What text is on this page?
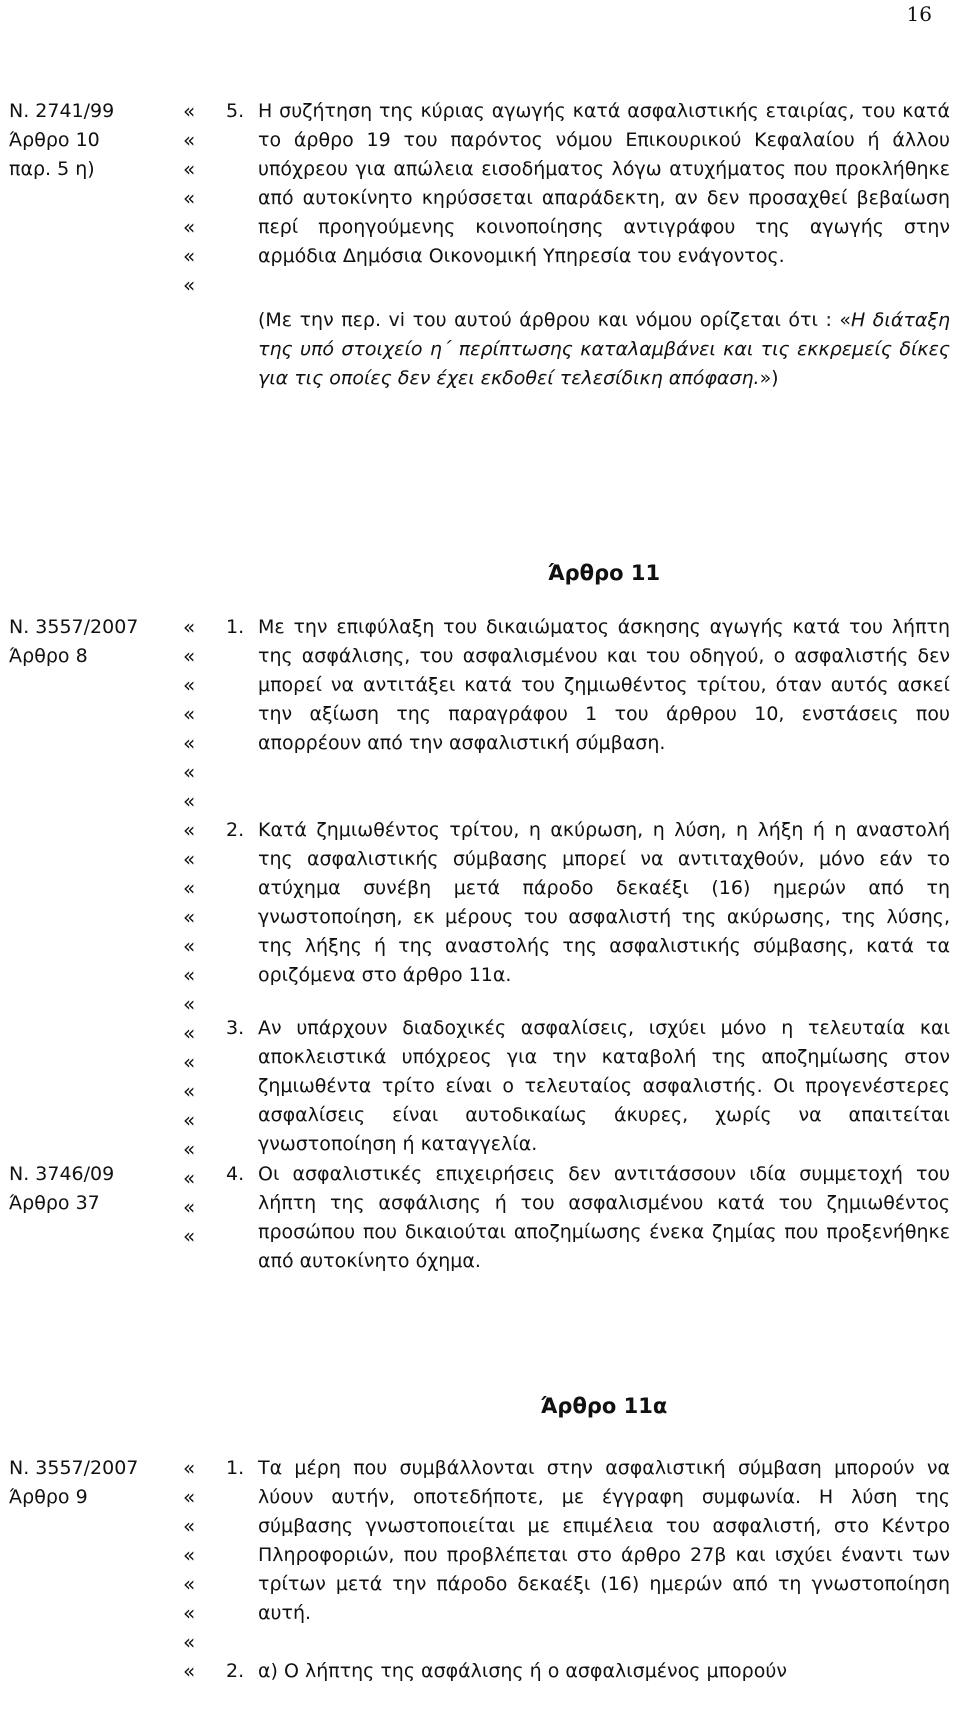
16
Ν. 2741/99
Άρθρο 10
παρ. 5 η)
«
«
«
«
«
«
«
5. Η συζήτηση της κύριας αγωγής κατά ασφαλιστικής εταιρίας, του κατά το άρθρο 19 του παρόντος νόμου Επικουρικού Κεφαλαίου ή άλλου υπόχρεου για απώλεια εισοδήματος λόγω ατυχήματος που προκλήθηκε από αυτοκίνητο κηρύσσεται απαράδεκτη, αν δεν προσαχθεί βεβαίωση περί προηγούμενης κοινοποίησης αντιγράφου της αγωγής στην αρμόδια Δημόσια Οικονομική Υπηρεσία του ενάγοντος.

(Με την περ. vi του αυτού άρθρου και νόμου ορίζεται ότι : «Η διάταξη της υπό στοιχείο η΄ περίπτωσης καταλαμβάνει και τις εκκρεμείς δίκες για τις οποίες δεν έχει εκδοθεί τελεσίδικη απόφαση.»)
Άρθρο 11
Ν. 3557/2007
Άρθρο 8
Ν. 3746/09
Άρθρο 37
«
«
«
«
«
«
«
«
«
«
«
«
«
«
«
«
«
«
«
«
«
«
1. Με την επιφύλαξη του δικαιώματος άσκησης αγωγής κατά του λήπτη της ασφάλισης, του ασφαλισμένου και του οδηγού, ο ασφαλιστής δεν μπορεί να αντιτάξει κατά του ζημιωθέντος τρίτου, όταν αυτός ασκεί την αξίωση της παραγράφου 1 του άρθρου 10, ενστάσεις που απορρέουν από την ασφαλιστική σύμβαση.

2. Κατά ζημιωθέντος τρίτου, η ακύρωση, η λύση, η λήξη ή η αναστολή της ασφαλιστικής σύμβασης μπορεί να αντιταχθούν, μόνο εάν το ατύχημα συνέβη μετά πάροδο δεκαέξι (16) ημερών από τη γνωστοποίηση, εκ μέρους του ασφαλιστή της ακύρωσης, της λύσης, της λήξης ή της αναστολής της ασφαλιστικής σύμβασης, κατά τα οριζόμενα στο άρθρο 11α.

3. Αν υπάρχουν διαδοχικές ασφαλίσεις, ισχύει μόνο η τελευταία και αποκλειστικά υπόχρεος για την καταβολή της αποζημίωσης στον ζημιωθέντα τρίτο είναι ο τελευταίος ασφαλιστής. Οι προγενέστερες ασφαλίσεις είναι αυτοδικαίως άκυρες, χωρίς να απαιτείται γνωστοποίηση ή καταγγελία.

4. Οι ασφαλιστικές επιχειρήσεις δεν αντιτάσσουν ιδία συμμετοχή του λήπτη της ασφάλισης ή του ασφαλισμένου κατά του ζημιωθέντος προσώπου που δικαιούται αποζημίωσης ένεκα ζημίας που προξενήθηκε από αυτοκίνητο όχημα.

Άρθρο 11α
Ν. 3557/2007
Άρθρο 9
«
«
«
«
«
«
«
«
1. Τα μέρη που συμβάλλονται στην ασφαλιστική σύμβαση μπορούν να λύουν αυτήν, οποτεδήποτε, με έγγραφη συμφωνία. Η λύση της σύμβασης γνωστοποιείται με επιμέλεια του ασφαλιστή, στο Κέντρο Πληροφοριών, που προβλέπεται στο άρθρο 27β και ισχύει έναντι των τρίτων μετά την πάροδο δεκαέξι (16) ημερών από τη γνωστοποίηση αυτή.

2. α) Ο λήπτης της ασφάλισης ή ο ασφαλισμένος μπορούν
